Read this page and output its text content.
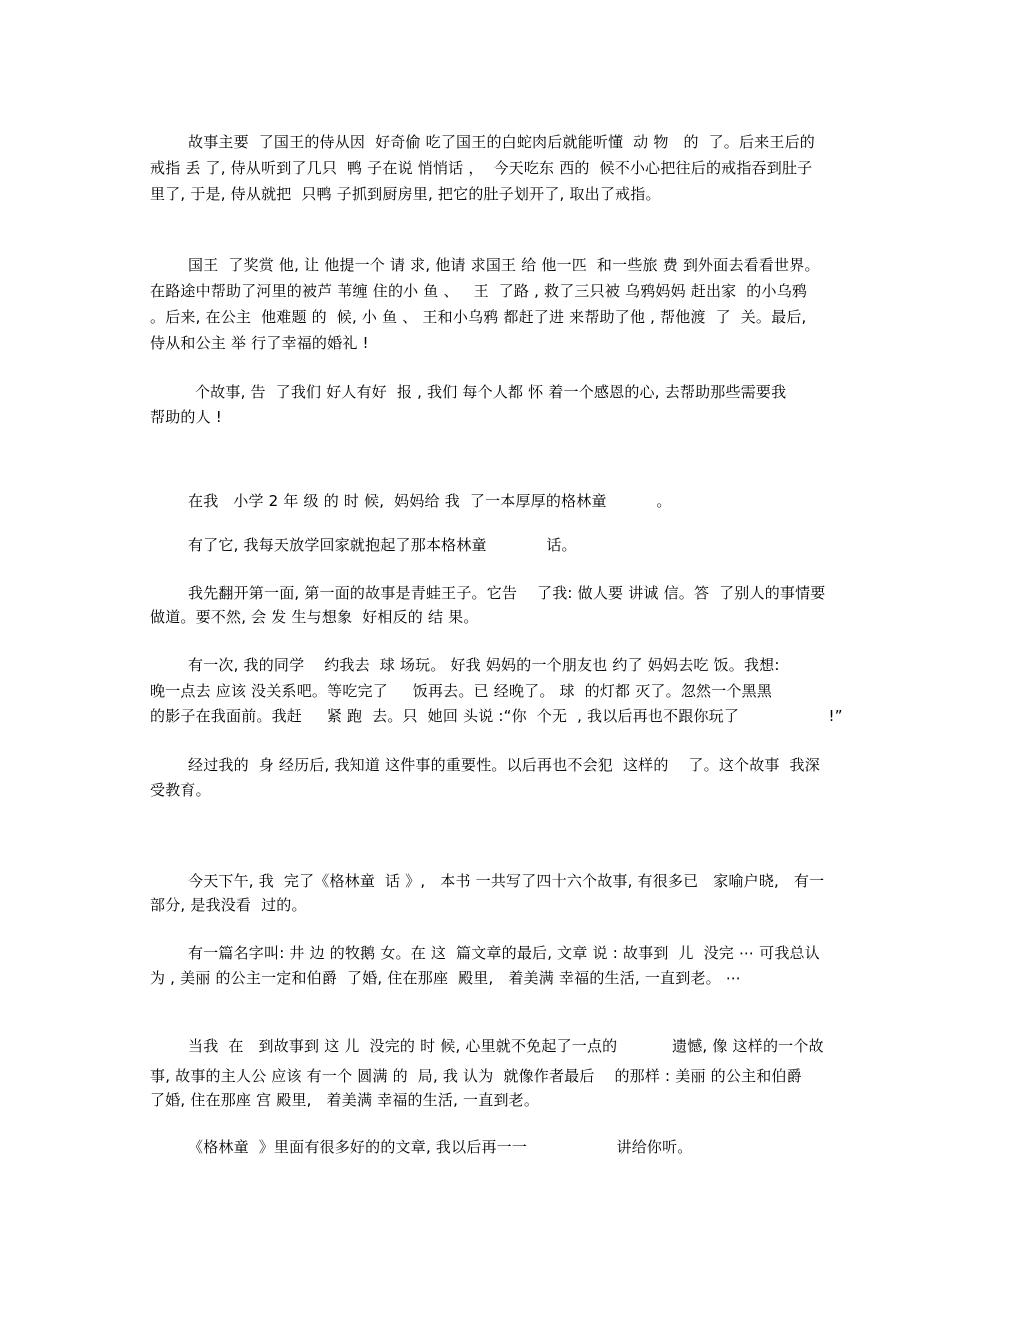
故事主要  了国王的侍从因  好奇偷 吃了国王的白蛇肉后就能听懂  动 物   的  了。后来王后的
戒指 丢 了, 侍从听到了几只  鸭 子在说 悄悄话 ，  今天吃东 西的  候不小心把往后的戒指吞到肚子
里了, 于是, 侍从就把  只鸭 子抓到厨房里, 把它的肚子划开了, 取出了戒指。
国王  了奖赏 他, 让 他提一个 请 求, 他请 求国王 给 他一匹  和一些旅 费 到外面去看看世界。
在路途中帮助了河里的被芦 苇缠 住的小 鱼 、   王  了路 , 救了三只被 乌鸦妈妈 赶出家  的小乌鸦
。后来, 在公主  他难题 的  候, 小 鱼 、 王和小乌鸦 都赶了进 来帮助了他 , 帮他渡  了  关。最后,
侍从和公主 举 行了幸福的婚礼 !
个故事, 告  了我们 好人有好  报 , 我们 每个人都 怀 着一个感恩的心, 去帮助那些需要我
帮助的人 !
在我   小学 2 年 级 的 时 候,  妈妈给 我  了一本厚厚的格林童          。
有了它, 我每天放学回家就抱起了那本格林童            话。
我先翻开第一面, 第一面的故事是青蛙王子。它告    了我: 做人要 讲诚 信。答  了别人的事情要
做道。要不然, 会 发 生与想象  好相反的 结 果。
有一次, 我的同学    约我去  球 场玩。 好我 妈妈的一个朋友也 约了 妈妈去吃 饭。我想:
晚一点去 应该 没关系吧。等吃完了     饭再去。已 经晚了。 球  的灯都 灭了。忽然一个黑黑
的影子在我面前。我赶     紧 跑  去。只  她回 头说 :“你  个无  , 我以后再也不跟你玩了                  !”
经过我的  身 经历后, 我知道 这件事的重要性。以后再也不会犯  这样的    了。这个故事  我深
受教育。
今天下午, 我  完了《格林童  话 》,   本书 一共写了四十六个故事, 有很多已   家喻户晓,   有一
部分, 是我没看  过的。
有一篇名字叫: 井 边 的牧鹅 女。在 这  篇文章的最后, 文章 说 : 故事到  儿  没完 ⋯ 可我总认
为 , 美丽 的公主一定和伯爵  了婚, 住在那座  殿里,   着美满 幸福的生活, 一直到老。 ⋯
当我  在   到故事到 这 儿  没完的 时 候, 心里就不免起了一点的           遗憾, 像 这样的一个故
事, 故事的主人公 应该 有一个 圆满 的  局, 我 认为  就像作者最后    的那样 : 美丽 的公主和伯爵
了婚, 住在那座 宫 殿里,   着美满 幸福的生活, 一直到老。
《格林童  》里面有很多好的的文章, 我以后再一一                  讲给你听。
